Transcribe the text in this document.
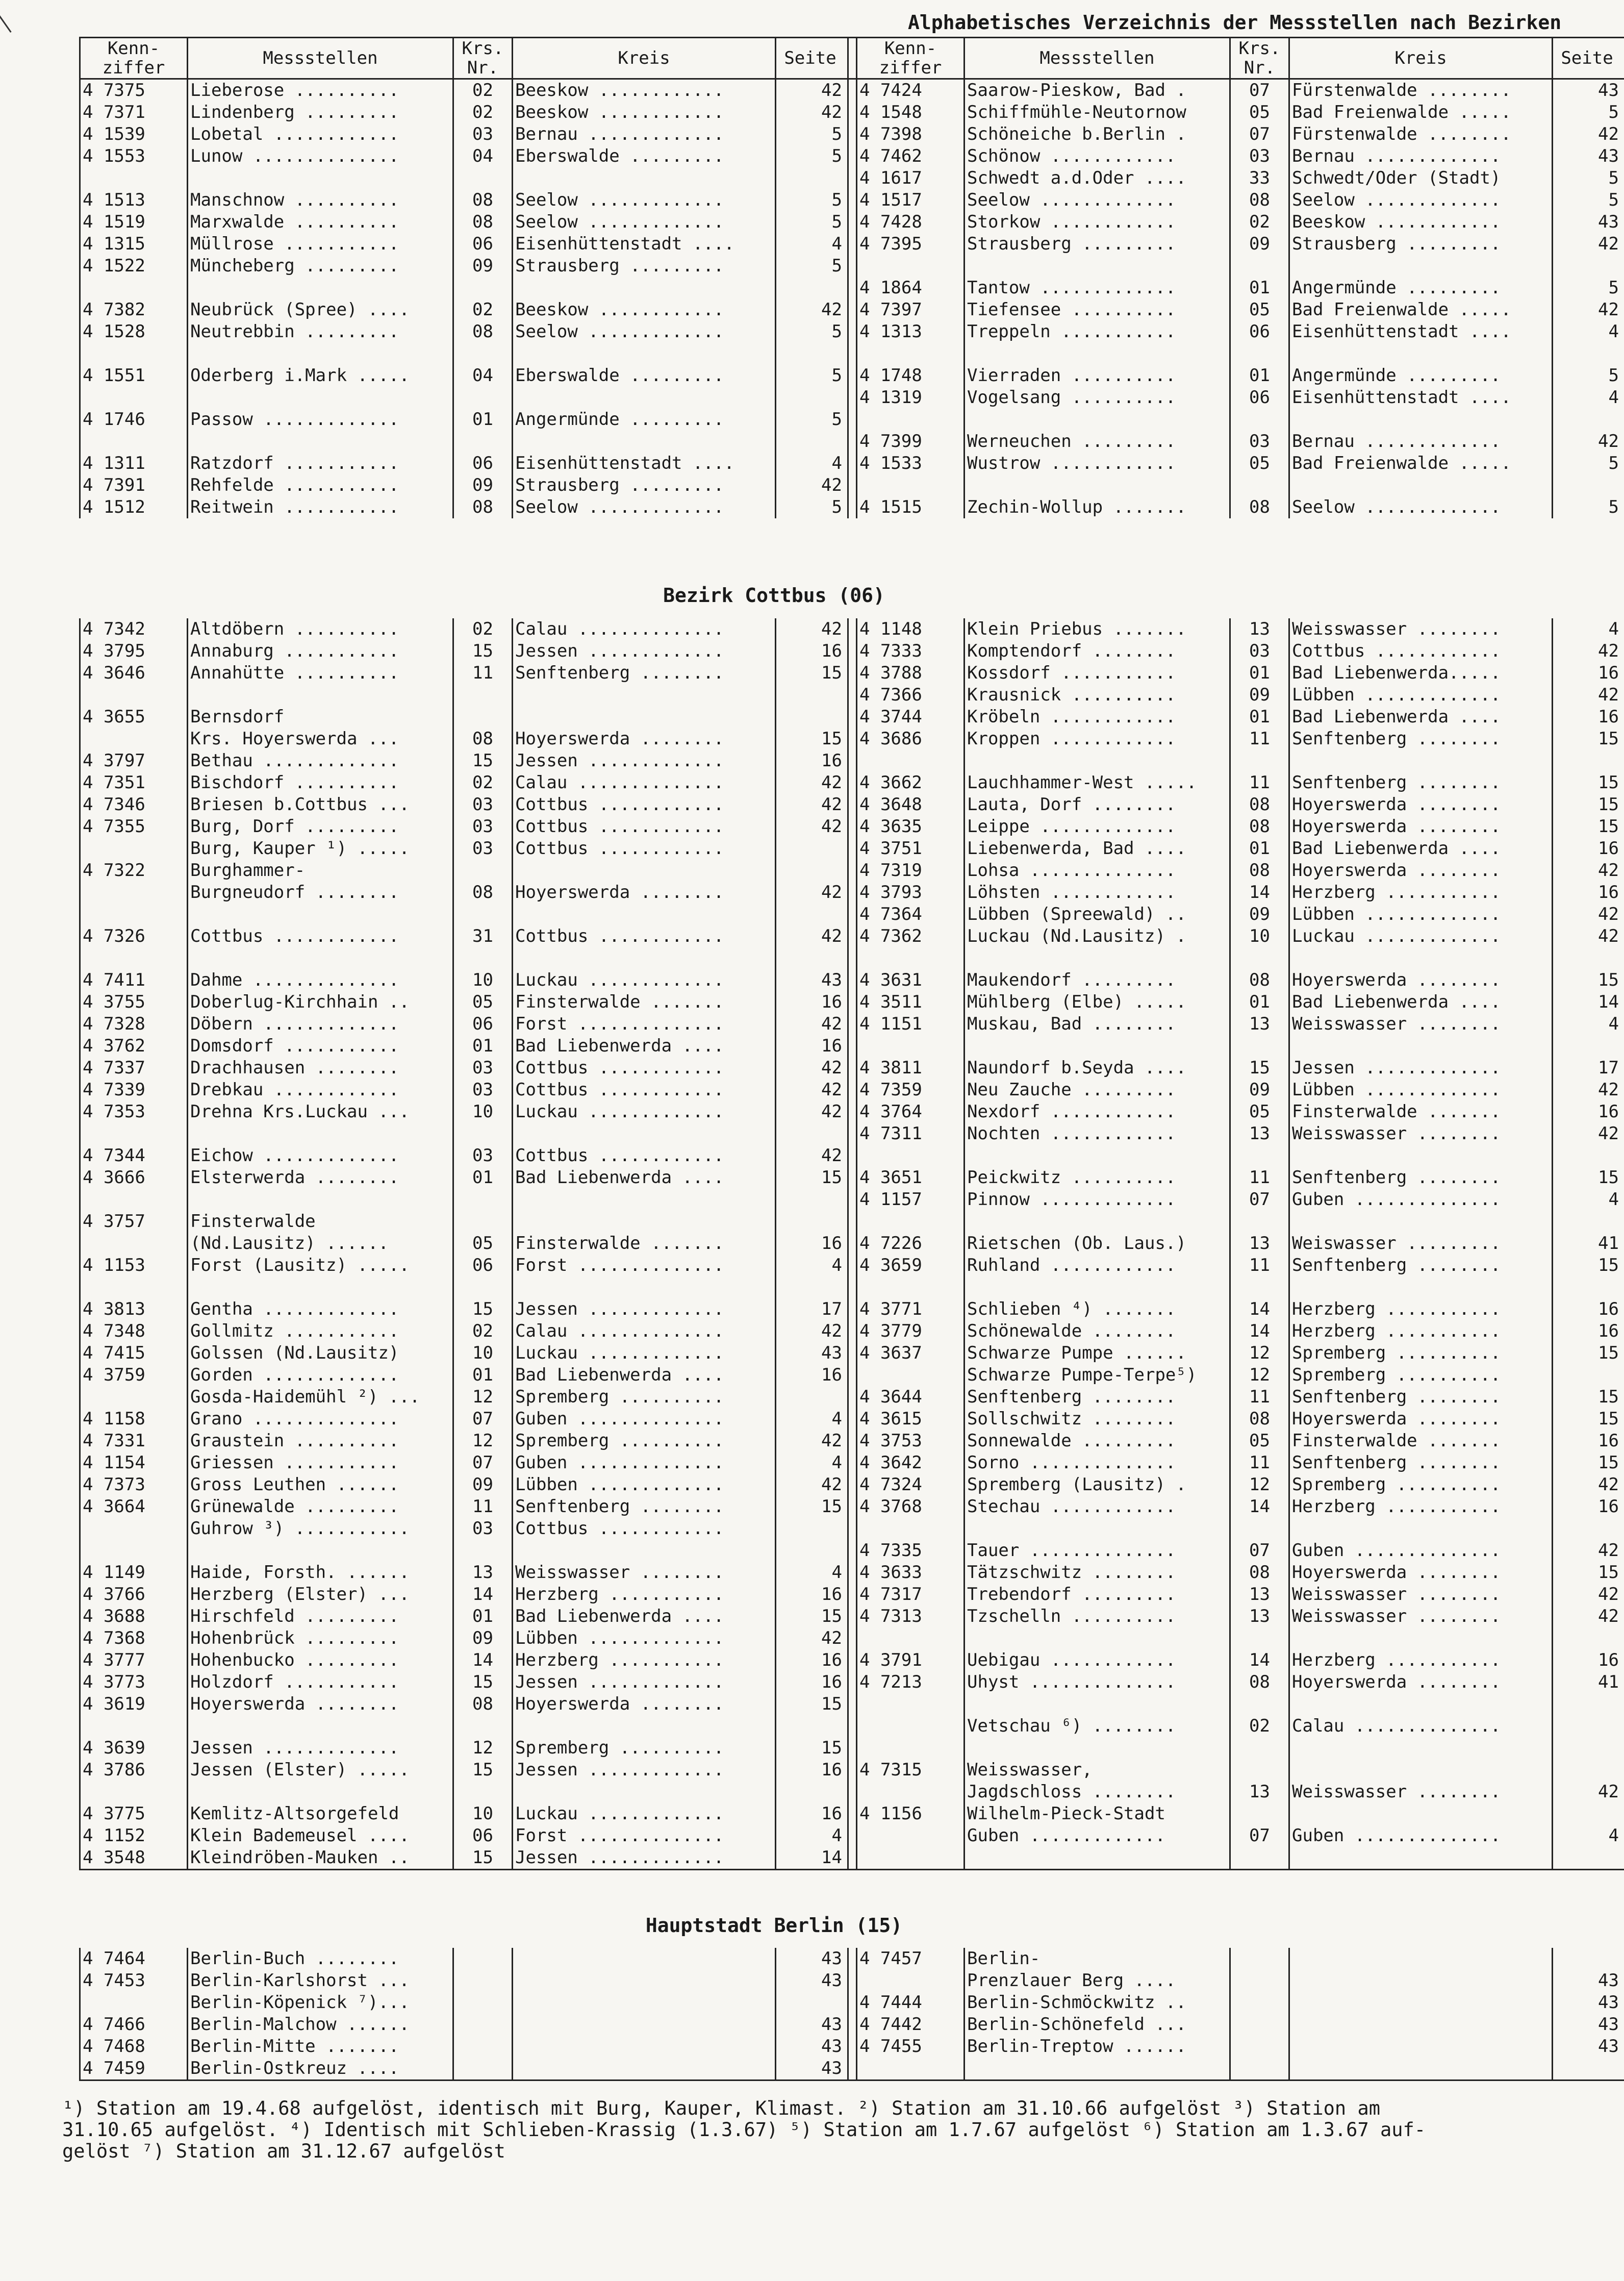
Alphabetisches Verzeichnis der Messstellen nach Bezirken
Kenn-ziffer	Messstellen	Krs. Nr.	Kreis	Seite		Kenn-ziffer	Messstellen	Krs. Nr.	Kreis	Seite
4 7375	Lieberose ..........	02	Beeskow ............	42		4 7424	Saarow-Pieskow, Bad .	07	Fürstenwalde ........	43
4 7371	Lindenberg .........	02	Beeskow ............	42		4 1548	Schiffmühle-Neutornow	05	Bad Freienwalde .....	5
4 1539	Lobetal ............	03	Bernau .............	5		4 7398	Schöneiche b.Berlin .	07	Fürstenwalde ........	42
4 1553	Lunow ..............	04	Eberswalde .........	5		4 7462	Schönow ............	03	Bernau .............	43
						4 1617	Schwedt a.d.Oder ....	33	Schwedt/Oder (Stadt)	5
4 1513	Manschnow ..........	08	Seelow .............	5		4 1517	Seelow .............	08	Seelow .............	5
4 1519	Marxwalde ..........	08	Seelow .............	5		4 7428	Storkow ............	02	Beeskow ............	43
4 1315	Müllrose ...........	06	Eisenhüttenstadt ....	4		4 7395	Strausberg .........	09	Strausberg .........	42
4 1522	Müncheberg .........	09	Strausberg .........	5						
						4 1864	Tantow .............	01	Angermünde .........	5
4 7382	Neubrück (Spree) ....	02	Beeskow ............	42		4 7397	Tiefensee ..........	05	Bad Freienwalde .....	42
4 1528	Neutrebbin .........	08	Seelow .............	5		4 1313	Treppeln ...........	06	Eisenhüttenstadt ....	4

4 1551	Oderberg i.Mark .....	04	Eberswalde .........	5		4 1748	Vierraden ..........	01	Angermünde .........	5
						4 1319	Vogelsang ..........	06	Eisenhüttenstadt ....	4
4 1746	Passow .............	01	Angermünde .........	5						
						4 7399	Werneuchen .........	03	Bernau .............	42
4 1311	Ratzdorf ...........	06	Eisenhüttenstadt ....	4		4 1533	Wustrow ............	05	Bad Freienwalde .....	5
4 7391	Rehfelde ...........	09	Strausberg .........	42						
4 1512	Reitwein ...........	08	Seelow .............	5		4 1515	Zechin-Wollup .......	08	Seelow .............	5
Bezirk Cottbus (06)
4 7342	Altdöbern ..........	02	Calau ..............	42		4 1148	Klein Priebus .......	13	Weisswasser ........	4
4 3795	Annaburg ...........	15	Jessen .............	16		4 7333	Komptendorf ........	03	Cottbus ............	42
4 3646	Annahütte ..........	11	Senftenberg ........	15		4 3788	Kossdorf ...........	01	Bad Liebenwerda.....	16
						4 7366	Krausnick ..........	09	Lübben .............	42
4 3655	Bernsdorf					4 3744	Kröbeln ............	01	Bad Liebenwerda ....	16
	Krs. Hoyerswerda ...	08	Hoyerswerda ........	15		4 3686	Kroppen ............	11	Senftenberg ........	15
4 3797	Bethau .............	15	Jessen .............	16						
4 7351	Bischdorf ..........	02	Calau ..............	42		4 3662	Lauchhammer-West .....	11	Senftenberg ........	15
4 7346	Briesen b.Cottbus ...	03	Cottbus ............	42		4 3648	Lauta, Dorf ........	08	Hoyerswerda ........	15
4 7355	Burg, Dorf .........	03	Cottbus ............	42		4 3635	Leippe .............	08	Hoyerswerda ........	15
	Burg, Kauper ¹) .....	03	Cottbus ............			4 3751	Liebenwerda, Bad ....	01	Bad Liebenwerda ....	16
4 7322	Burghammer-					4 7319	Lohsa ..............	08	Hoyerswerda ........	42
	Burgneudorf ........	08	Hoyerswerda ........	42		4 3793	Löhsten ............	14	Herzberg ...........	16
						4 7364	Lübben (Spreewald) ..	09	Lübben .............	42
4 7326	Cottbus ............	31	Cottbus ............	42		4 7362	Luckau (Nd.Lausitz) .	10	Luckau .............	42

4 7411	Dahme ..............	10	Luckau .............	43		4 3631	Maukendorf .........	08	Hoyerswerda ........	15
4 3755	Doberlug-Kirchhain ..	05	Finsterwalde .......	16		4 3511	Mühlberg (Elbe) .....	01	Bad Liebenwerda ....	14
4 7328	Döbern .............	06	Forst ..............	42		4 1151	Muskau, Bad ........	13	Weisswasser ........	4
4 3762	Domsdorf ...........	01	Bad Liebenwerda ....	16						
4 7337	Drachhausen ........	03	Cottbus ............	42		4 3811	Naundorf b.Seyda ....	15	Jessen .............	17
4 7339	Drebkau ............	03	Cottbus ............	42		4 7359	Neu Zauche .........	09	Lübben .............	42
4 7353	Drehna Krs.Luckau ...	10	Luckau .............	42		4 3764	Nexdorf ............	05	Finsterwalde .......	16
						4 7311	Nochten ............	13	Weisswasser ........	42
4 7344	Eichow .............	03	Cottbus ............	42						
4 3666	Elsterwerda ........	01	Bad Liebenwerda ....	15		4 3651	Peickwitz ..........	11	Senftenberg ........	15
						4 1157	Pinnow .............	07	Guben ..............	4
4 3757	Finsterwalde									
	(Nd.Lausitz) ......	05	Finsterwalde .......	16		4 7226	Rietschen (Ob. Laus.)	13	Weiswasser .........	41
4 1153	Forst (Lausitz) .....	06	Forst ..............	4		4 3659	Ruhland ............	11	Senftenberg ........	15

4 3813	Gentha .............	15	Jessen .............	17		4 3771	Schlieben ⁴) .......	14	Herzberg ...........	16
4 7348	Gollmitz ...........	02	Calau ..............	42		4 3779	Schönewalde ........	14	Herzberg ...........	16
4 7415	Golssen (Nd.Lausitz)	10	Luckau .............	43		4 3637	Schwarze Pumpe ......	12	Spremberg ..........	15
4 3759	Gorden .............	01	Bad Liebenwerda ....	16			Schwarze Pumpe-Terpe⁵)	12	Spremberg ..........	
	Gosda-Haidemühl ²) ...	12	Spremberg ..........			4 3644	Senftenberg ........	11	Senftenberg ........	15
4 1158	Grano ..............	07	Guben ..............	4		4 3615	Sollschwitz ........	08	Hoyerswerda ........	15
4 7331	Graustein ..........	12	Spremberg ..........	42		4 3753	Sonnewalde .........	05	Finsterwalde .......	16
4 1154	Griessen ...........	07	Guben ..............	4		4 3642	Sorno ..............	11	Senftenberg ........	15
4 7373	Gross Leuthen ......	09	Lübben .............	42		4 7324	Spremberg (Lausitz) .	12	Spremberg ..........	42
4 3664	Grünewalde .........	11	Senftenberg ........	15		4 3768	Stechau ............	14	Herzberg ...........	16
	Guhrow ³) ...........	03	Cottbus ............							
						4 7335	Tauer ..............	07	Guben ..............	42
4 1149	Haide, Forsth. ......	13	Weisswasser ........	4		4 3633	Tätzschwitz ........	08	Hoyerswerda ........	15
4 3766	Herzberg (Elster) ...	14	Herzberg ...........	16		4 7317	Trebendorf .........	13	Weisswasser ........	42
4 3688	Hirschfeld .........	01	Bad Liebenwerda ....	15		4 7313	Tzschelln ..........	13	Weisswasser ........	42
4 7368	Hohenbrück .........	09	Lübben .............	42						
4 3777	Hohenbucko .........	14	Herzberg ...........	16		4 3791	Uebigau ............	14	Herzberg ...........	16
4 3773	Holzdorf ...........	15	Jessen .............	16		4 7213	Uhyst ..............	08	Hoyerswerda ........	41
4 3619	Hoyerswerda ........	08	Hoyerswerda ........	15						
							Vetschau ⁶) ........	02	Calau ..............	
4 3639	Jessen .............	12	Spremberg ..........	15						
4 3786	Jessen (Elster) .....	15	Jessen .............	16		4 7315	Weisswasser,			
							Jagdschloss ........	13	Weisswasser ........	42
4 3775	Kemlitz-Altsorgefeld	10	Luckau .............	16		4 1156	Wilhelm-Pieck-Stadt			
4 1152	Klein Bademeusel ....	06	Forst ..............	4			Guben .............	07	Guben ..............	4
4 3548	Kleindröben-Mauken ..	15	Jessen .............	14						
Hauptstadt Berlin (15)
4 7464	Berlin-Buch ........			43		4 7457	Berlin-			
4 7453	Berlin-Karlshorst ...			43			Prenzlauer Berg ....			43
	Berlin-Köpenick ⁷)...					4 7444	Berlin-Schmöckwitz ..			43
4 7466	Berlin-Malchow ......			43		4 7442	Berlin-Schönefeld ...			43
4 7468	Berlin-Mitte .......			43		4 7455	Berlin-Treptow ......			43
4 7459	Berlin-Ostkreuz ....			43						

¹) Station am 19.4.68 aufgelöst, identisch mit Burg, Kauper, Klimast. ²) Station am 31.10.66 aufgelöst ³) Station am

31.10.65 aufgelöst. ⁴) Identisch mit Schlieben-Krassig (1.3.67) ⁵) Station am 1.7.67 aufgelöst ⁶) Station am 1.3.67 auf-

gelöst ⁷) Station am 31.12.67 aufgelöst
